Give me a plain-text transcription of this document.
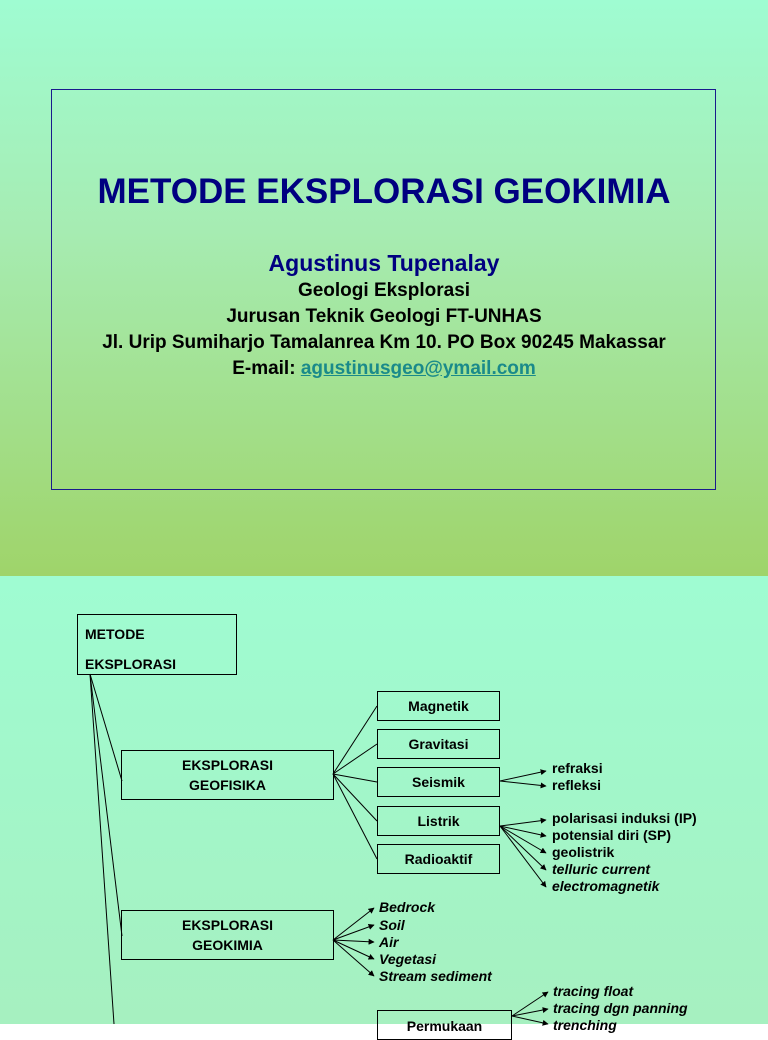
METODE EKSPLORASI GEOKIMIA
Agustinus Tupenalay
Geologi Eksplorasi
Jurusan Teknik Geologi FT-UNHAS
Jl. Urip Sumiharjo Tamalanrea Km 10. PO Box 90245 Makassar
E-mail: agustinusgeo@ymail.com
METODE
EKSPLORASI
EKSPLORASI GEOFISIKA
EKSPLORASI GEOKIMIA
Magnetik
Gravitasi
Seismik
Listrik
Radioaktif
refraksi
refleksi
polarisasi induksi (IP)
potensial diri (SP)
geolistrik
telluric current
electromagnetik
Bedrock
Soil
Air
Vegetasi
Stream sediment
tracing float
tracing dgn panning
trenching
Permukaan
